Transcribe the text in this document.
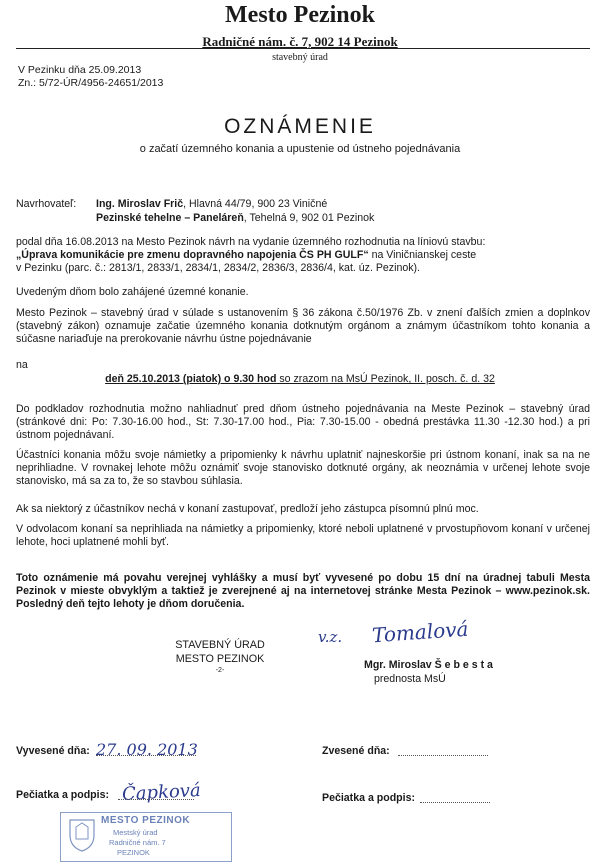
Mesto Pezinok
Radničné nám. č. 7, 902 14 Pezinok
stavebný úrad
V Pezinku dňa 25.09.2013
Zn.: 5/72-ÚR/4956-24651/2013
OZNÁMENIE
o začatí územného konania a upustenie od ústneho pojednávania
Navrhovateľ: Ing. Miroslav Frič, Hlavná 44/79, 900 23 Viničné
Pezinské tehelne – Paneláreň, Tehelná 9, 902 01 Pezinok
podal dňa 16.08.2013 na Mesto Pezinok návrh na vydanie územného rozhodnutia na líniovú stavbu:
„Úprava komunikácie pre zmenu dopravného napojenia ČS PH GULF“ na Viničnianskej ceste
v Pezinku (parc. č.: 2813/1, 2833/1, 2834/1, 2834/2, 2836/3, 2836/4, kat. úz. Pezinok).
Uvedeným dňom bolo zahájené územné konanie.
Mesto Pezinok – stavebný úrad v súlade s ustanovením § 36 zákona č.50/1976 Zb. v znení ďalších zmien a doplnkov (stavebný zákon) oznamuje začatie územného konania dotknutým orgánom a známym účastníkom tohto konania a súčasne nariaďuje na prerokovanie návrhu ústne pojednávanie
na
deň 25.10.2013 (piatok) o 9.30 hod so zrazom na MsÚ Pezinok, II. posch. č. d. 32
Do podkladov rozhodnutia možno nahliadnuť pred dňom ústneho pojednávania na Meste Pezinok – stavebný úrad (stránkové dni: Po: 7.30-16.00 hod., St: 7.30-17.00 hod., Pia: 7.30-15.00 - obedná prestávka 11.30 -12.30 hod.) a pri ústnom pojednávaní.
Účastníci konania môžu svoje námietky a pripomienky k návrhu uplatniť najneskoršie pri ústnom konaní, inak sa na ne neprihliadne. V rovnakej lehote môžu oznámiť svoje stanovisko dotknuté orgány, ak neoznámia v určenej lehote svoje stanovisko, má sa za to, že so stavbou súhlasia.
Ak sa niektorý z účastníkov nechá v konaní zastupovať, predloží jeho zástupca písomnú plnú moc.
V odvolacom konaní sa neprihliada na námietky a pripomienky, ktoré neboli uplatnené v prvostupňovom konaní v určenej lehote, hoci uplatnené mohli byť.
Toto oznámenie má povahu verejnej vyhlášky a musí byť vyvesené po dobu 15 dní na úradnej tabuli Mesta Pezinok v mieste obvyklým a taktiež je zverejnené aj na internetovej stránke Mesta Pezinok – www.pezinok.sk. Posledný deň tejto lehoty je dňom doručenia.
STAVEBNÝ ÚRAD
MESTO PEZINOK
-2-
v.z. Tomalová
Mgr. Miroslav Š e b e s t a
prednosta MsÚ
Vyvesené dňa: 27. 09. 2013	Zvesené dňa:
Pečiatka a podpis: Čapková	Pečiatka a podpis:
MESTO PEZINOK
Mestský úrad
Radničné nám. 7
PEZINOK
